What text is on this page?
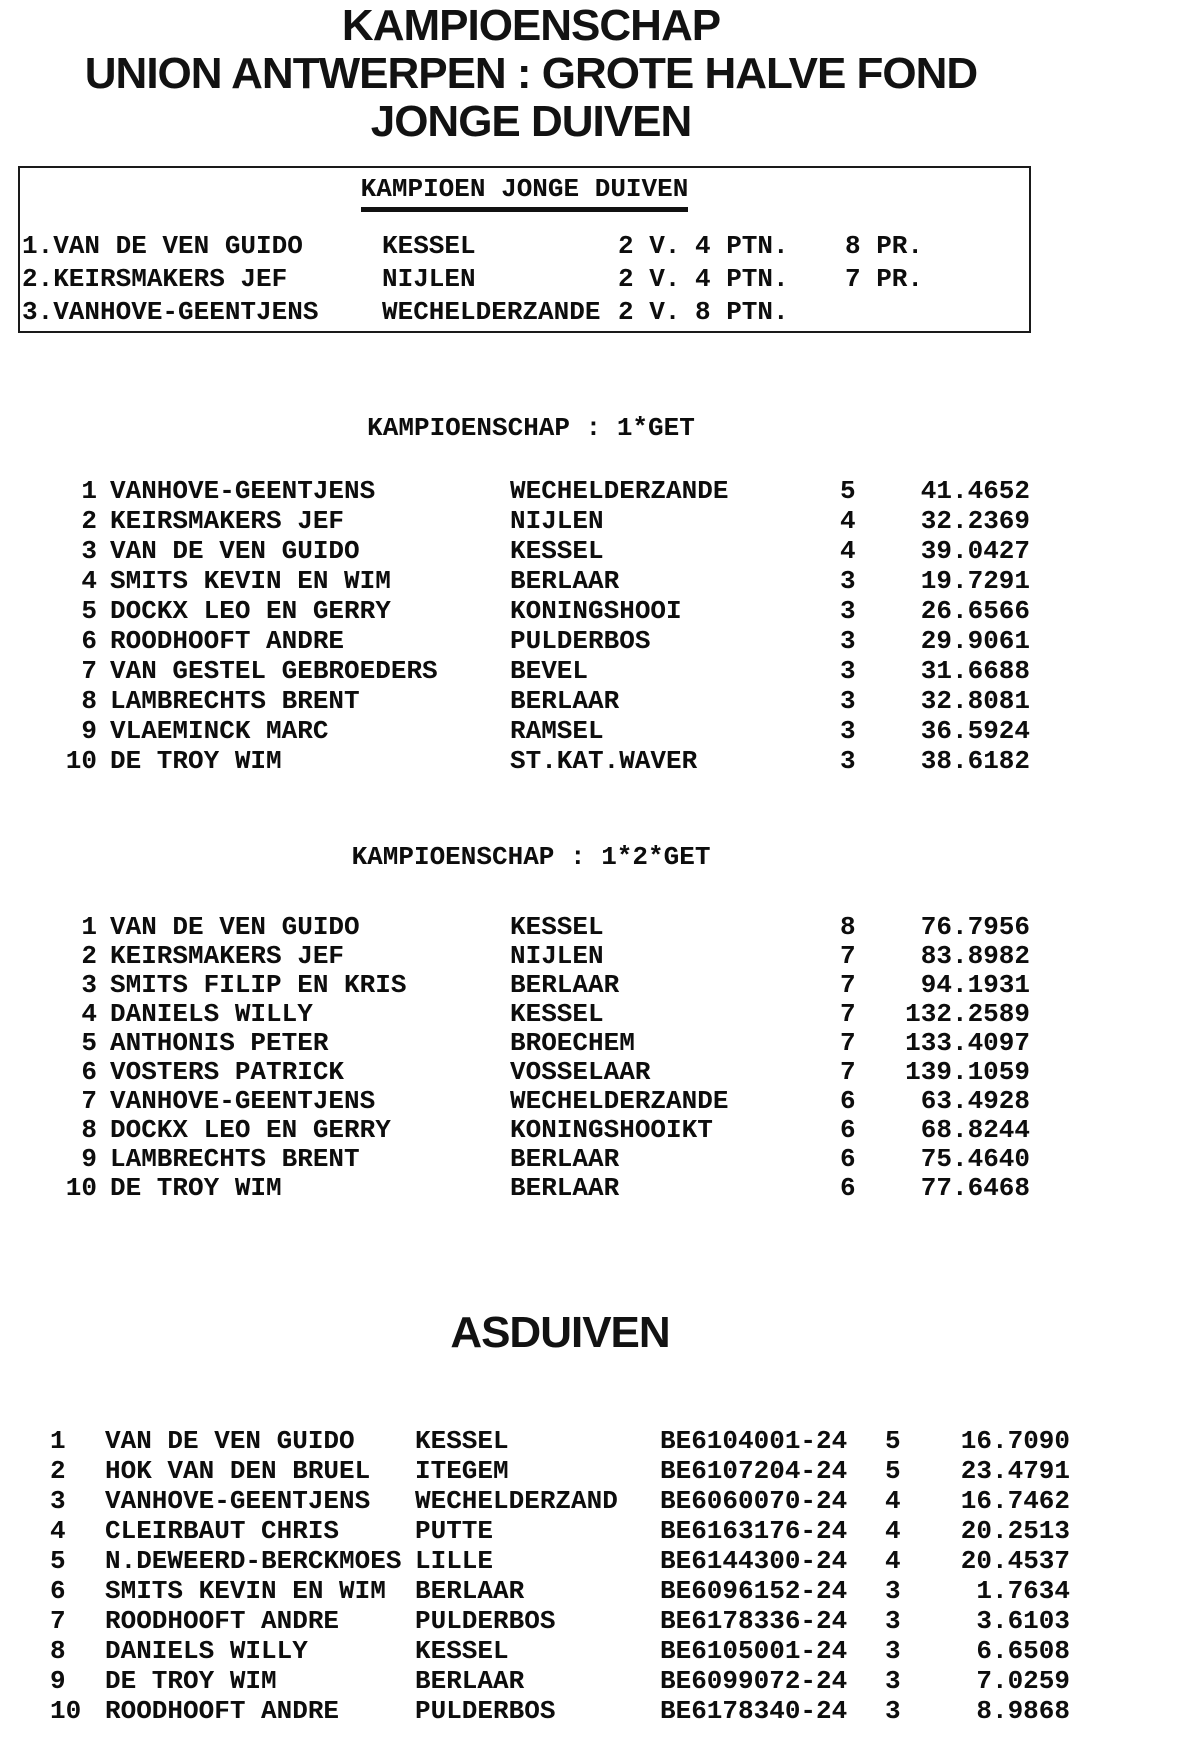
KAMPIOENSCHAP
UNION ANTWERPEN : GROTE HALVE FOND
JONGE DUIVEN
KAMPIOEN JONGE DUIVEN
1.VAN DE VEN GUIDO	KESSEL	2 V. 4 PTN.	8 PR.
2.KEIRSMAKERS JEF	NIJLEN	2 V. 4 PTN.	7 PR.
3.VANHOVE-GEENTJENS	WECHELDERZANDE 2 V. 8 PTN.
KAMPIOENSCHAP : 1*GET
1 VANHOVE-GEENTJENS	WECHELDERZANDE	5	41.4652
2 KEIRSMAKERS JEF	NIJLEN	4	32.2369
3 VAN DE VEN GUIDO	KESSEL	4	39.0427
4 SMITS KEVIN EN WIM	BERLAAR	3	19.7291
5 DOCKX LEO EN GERRY	KONINGSHOOI	3	26.6566
6 ROODHOOFT ANDRE	PULDERBOS	3	29.9061
7 VAN GESTEL GEBROEDERS	BEVEL	3	31.6688
8 LAMBRECHTS BRENT	BERLAAR	3	32.8081
9 VLAEMINCK MARC	RAMSEL	3	36.5924
10 DE TROY WIM	ST.KAT.WAVER	3	38.6182
KAMPIOENSCHAP : 1*2*GET
1 VAN DE VEN GUIDO	KESSEL	8	76.7956
2 KEIRSMAKERS JEF	NIJLEN	7	83.8982
3 SMITS FILIP EN KRIS	BERLAAR	7	94.1931
4 DANIELS WILLY	KESSEL	7	132.2589
5 ANTHONIS PETER	BROECHEM	7	133.4097
6 VOSTERS PATRICK	VOSSELAAR	7	139.1059
7 VANHOVE-GEENTJENS	WECHELDERZANDE	6	63.4928
8 DOCKX LEO EN GERRY	KONINGSHOOIKT	6	68.8244
9 LAMBRECHTS BRENT	BERLAAR	6	75.4640
10 DE TROY WIM	BERLAAR	6	77.6468
ASDUIVEN
1	VAN DE VEN GUIDO	KESSEL	BE6104001-24	5	16.7090
2	HOK VAN DEN BRUEL	ITEGEM	BE6107204-24	5	23.4791
3	VANHOVE-GEENTJENS	WECHELDERZAND	BE6060070-24	4	16.7462
4	CLEIRBAUT CHRIS	PUTTE	BE6163176-24	4	20.2513
5	N.DEWEERD-BERCKMOES LILLE	BE6144300-24	4	20.4537
6	SMITS KEVIN EN WIM	BERLAAR	BE6096152-24	3	1.7634
7	ROODHOOFT ANDRE	PULDERBOS	BE6178336-24	3	3.6103
8	DANIELS WILLY	KESSEL	BE6105001-24	3	6.6508
9	DE TROY WIM	BERLAAR	BE6099072-24	3	7.0259
10 ROODHOOFT ANDRE	PULDERBOS	BE6178340-24	3	8.9868
